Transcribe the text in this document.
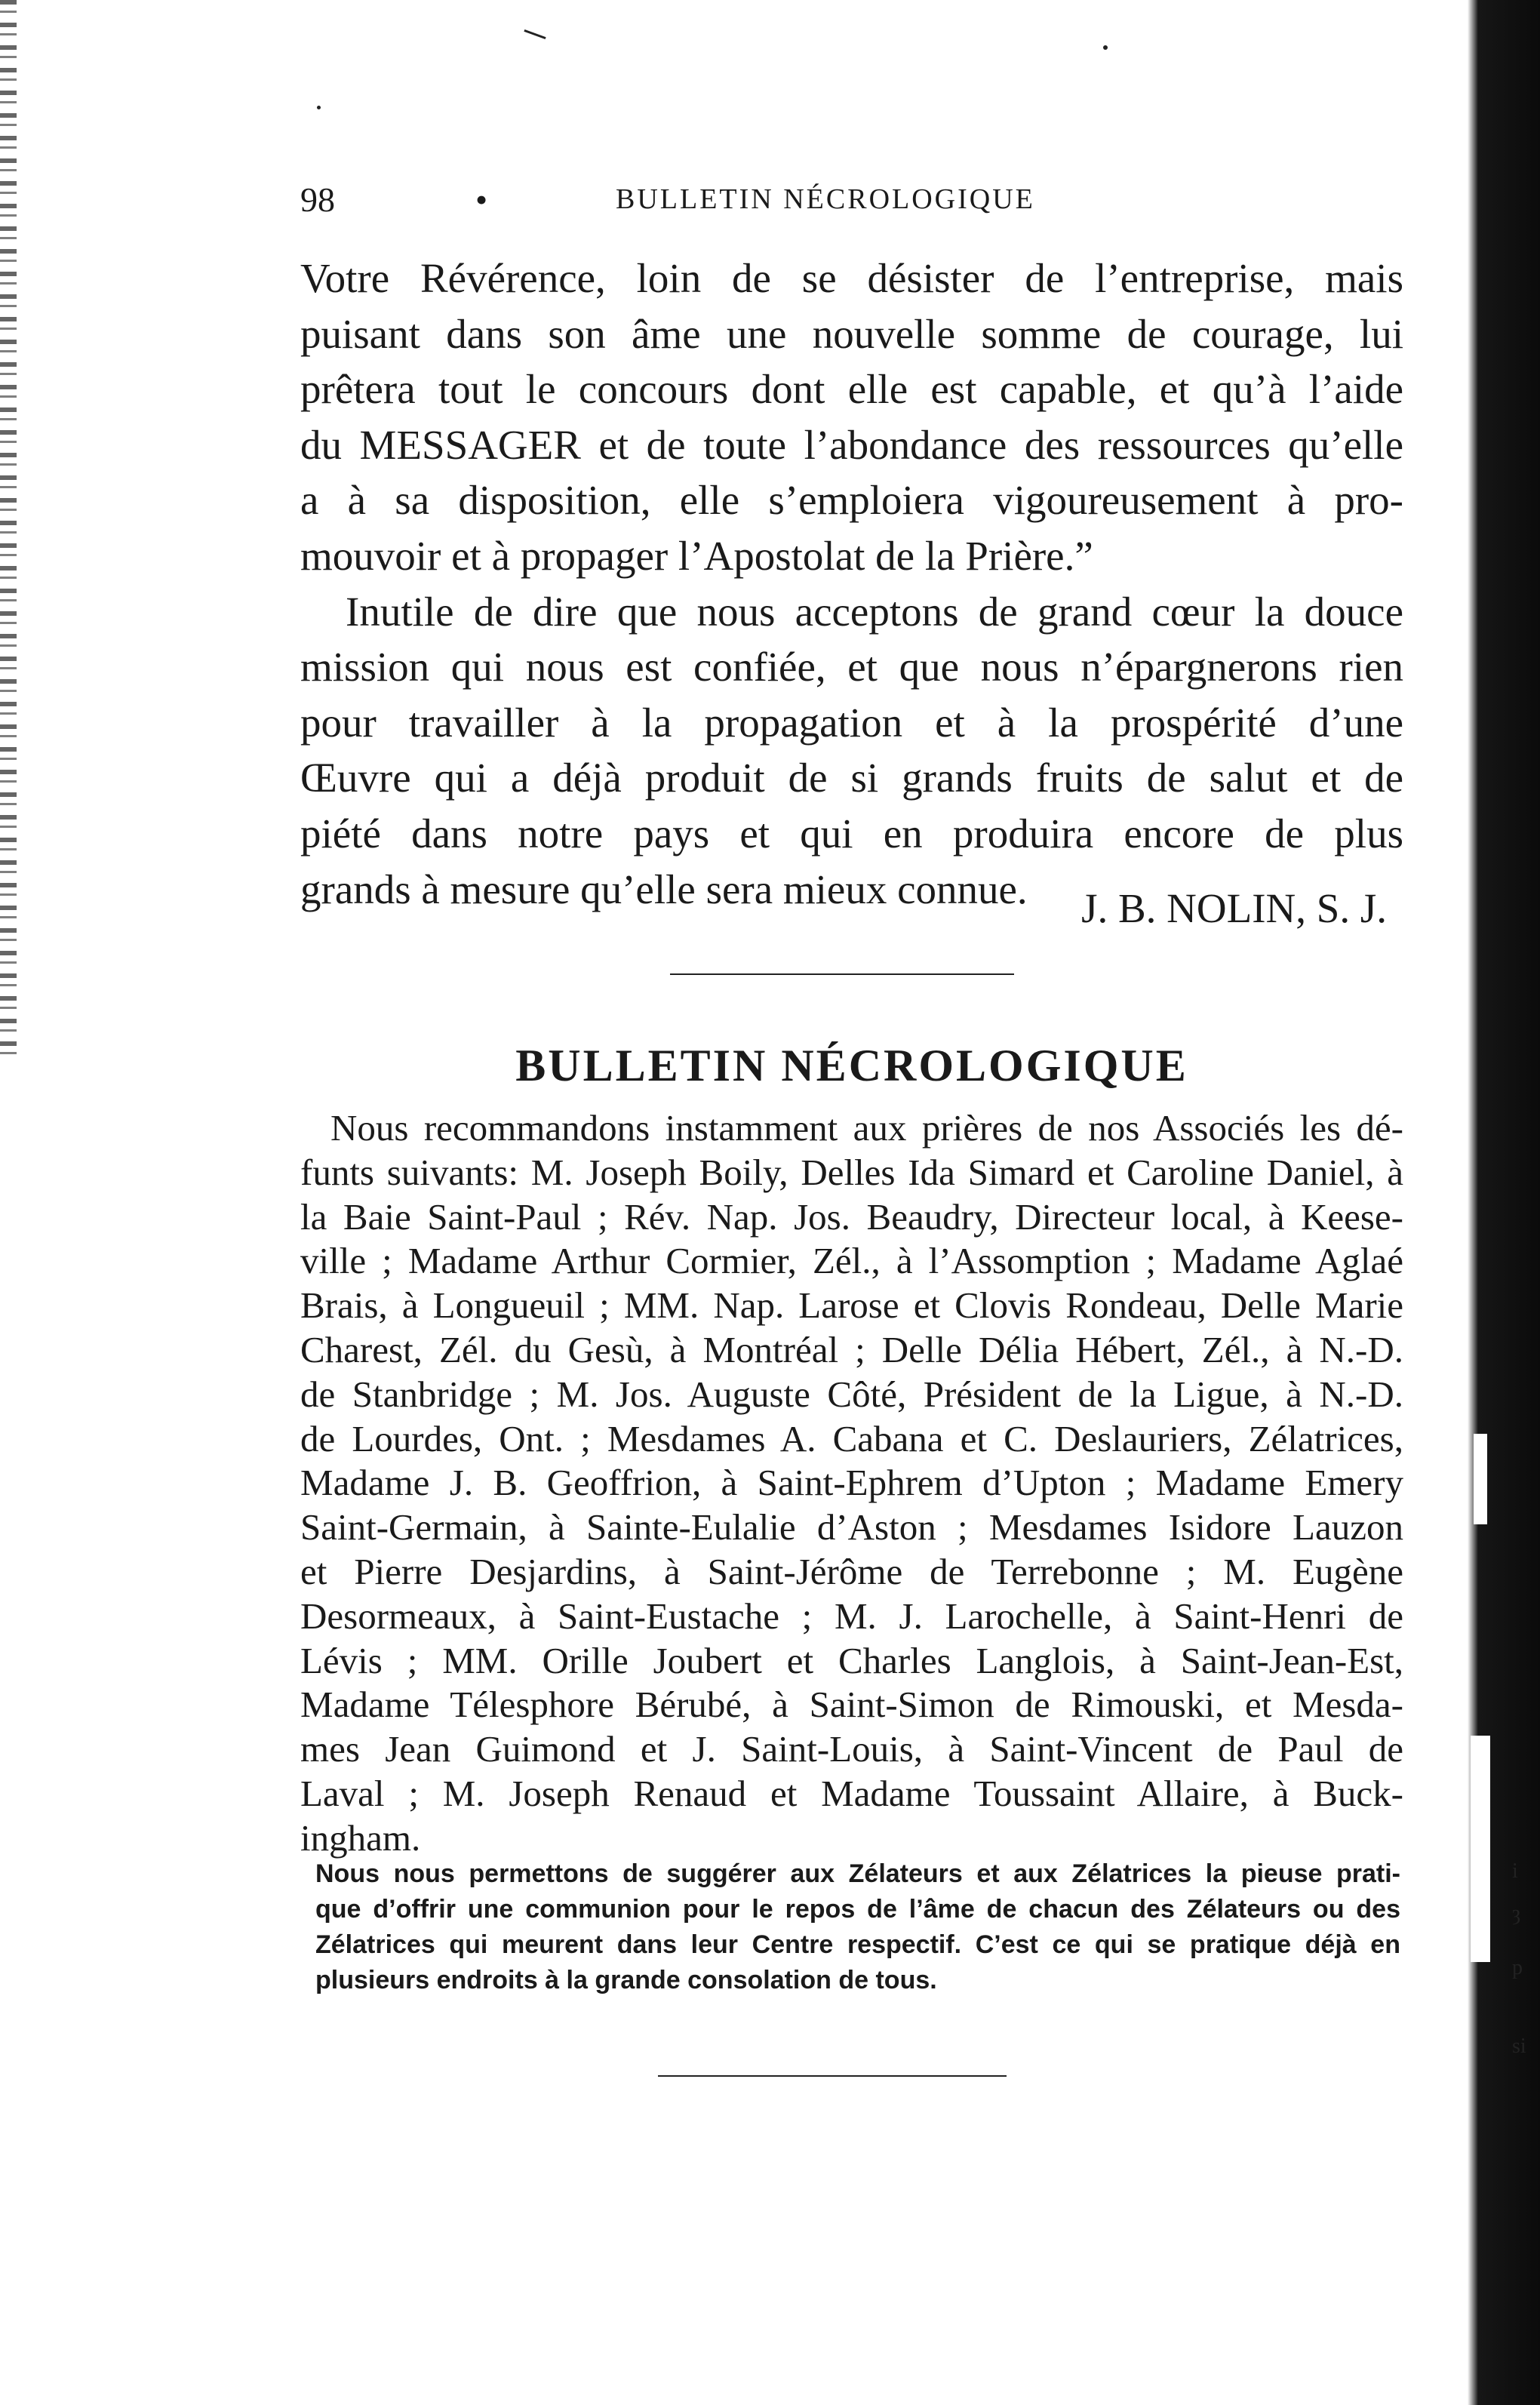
i
ȝ
p
si
98	•	BULLETIN NÉCROLOGIQUE
Votre Révérence, loin de se désister de l’entreprise, mais
puisant dans son âme une nouvelle somme de courage, lui
prêtera tout le concours dont elle est capable, et qu’à l’aide
du MESSAGER et de toute l’abondance des ressources qu’elle
a à sa disposition, elle s’emploiera vigoureusement à pro-
mouvoir et à propager l’Apostolat de la Prière.”
Inutile de dire que nous acceptons de grand cœur la douce
mission qui nous est confiée, et que nous n’épargnerons rien
pour travailler à la propagation et à la prospérité d’une
Œuvre qui a déjà produit de si grands fruits de salut et de
piété dans notre pays et qui en produira encore de plus
grands à mesure qu’elle sera mieux connue.	J. B. NOLIN, S. J.
BULLETIN NÉCROLOGIQUE
Nous recommandons instamment aux prières de nos Associés les dé-
funts suivants: M. Joseph Boily, Delles Ida Simard et Caroline Daniel, à
la Baie Saint-Paul ; Rév. Nap. Jos. Beaudry, Directeur local, à Keese-
ville ; Madame Arthur Cormier, Zél., à l’Assomption ; Madame Aglaé
Brais, à Longueuil ; MM. Nap. Larose et Clovis Rondeau, Delle Marie
Charest, Zél. du Gesù, à Montréal ; Delle Délia Hébert, Zél., à N.-D.
de Stanbridge ; M. Jos. Auguste Côté, Président de la Ligue, à N.-D.
de Lourdes, Ont. ; Mesdames A. Cabana et C. Deslauriers, Zélatrices,
Madame J. B. Geoffrion, à Saint-Ephrem d’Upton ; Madame Emery
Saint-Germain, à Sainte-Eulalie d’Aston ; Mesdames Isidore Lauzon
et Pierre Desjardins, à Saint-Jérôme de Terrebonne ; M. Eugène
Desormeaux, à Saint-Eustache ; M. J. Larochelle, à Saint-Henri de
Lévis ; MM. Orille Joubert et Charles Langlois, à Saint-Jean-Est,
Madame Télesphore Bérubé, à Saint-Simon de Rimouski, et Mesda-
mes Jean Guimond et J. Saint-Louis, à Saint-Vincent de Paul de
Laval ; M. Joseph Renaud et Madame Toussaint Allaire, à Buck-
ingham.
Nous nous permettons de suggérer aux Zélateurs et aux Zélatrices la pieuse prati-
que d’offrir une communion pour le repos de l’âme de chacun des Zélateurs ou des
Zélatrices qui meurent dans leur Centre respectif. C’est ce qui se pratique déjà en
plusieurs endroits à la grande consolation de tous.
